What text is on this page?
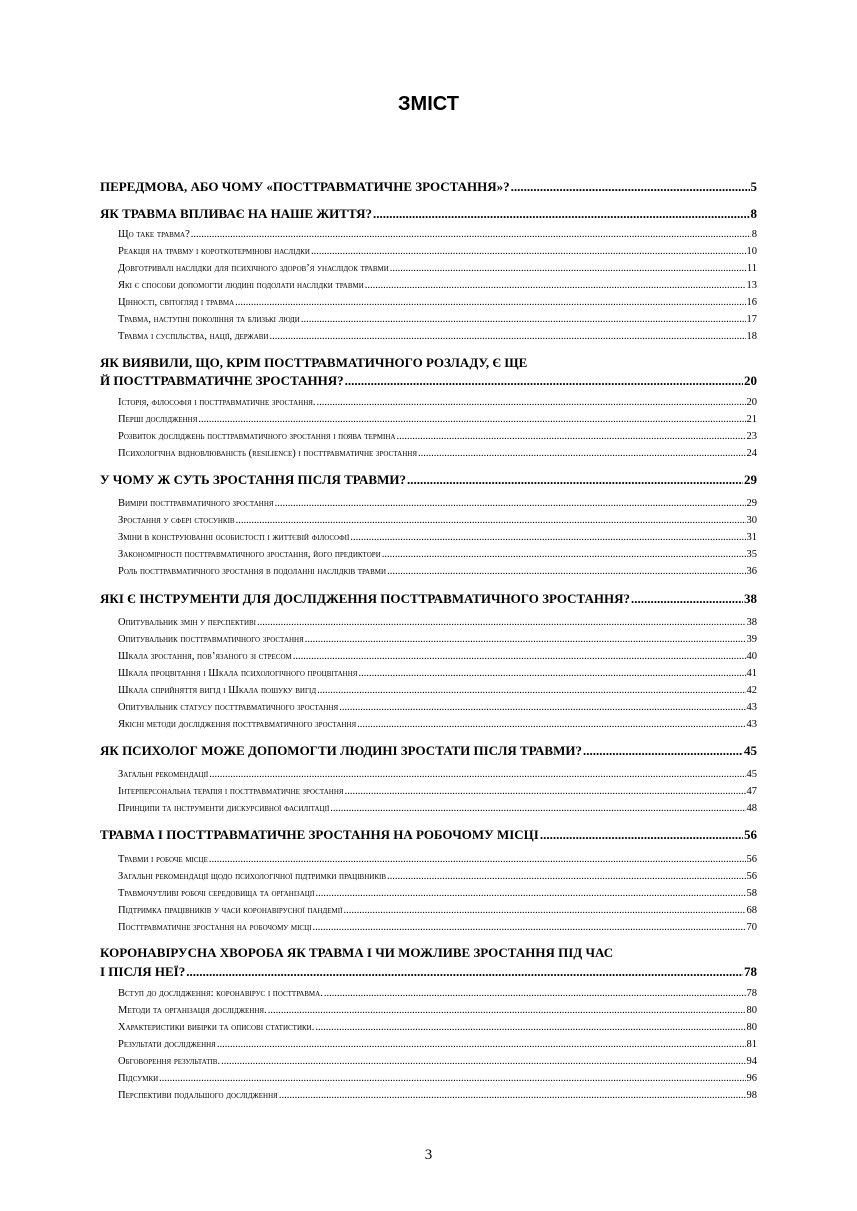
ЗМІСТ
ПЕРЕДМОВА, АБО ЧОМУ «ПОСТТРАВМАТИЧНЕ ЗРОСТАННЯ»? .....	5
ЯК ТРАВМА ВПЛИВАЄ НА НАШЕ ЖИТТЯ? .....	8
Що таке травма? .....	8
Реакція на травму і короткотермінові наслідки .....	10
Довготривалі наслідки для психічного здоров’я унаслідок травми .....	11
Які є способи допомогти людині подолати наслідки травми .....	13
Цінності, світогляд і травма .....	16
Травма, наступні покоління та близькі люди .....	17
Травма і суспільства, нації, держави .....	18
ЯК ВИЯВИЛИ, ЩО, КРІМ ПОСТТРАВМАТИЧНОГО РОЗЛАДУ, Є ЩЕ
Й ПОСТТРАВМАТИЧНЕ ЗРОСТАННЯ? .....	20
Історія, філософія і посттравматичне зростання. .....	20
Перші дослідження .....	21
Розвиток досліджень посттравматичного зростання і поява терміна .....	23
Психологічна відновлюваність (resilience) і посттравматичне зростання .....	24
У ЧОМУ Ж СУТЬ ЗРОСТАННЯ ПІСЛЯ ТРАВМИ? .....	29
Виміри посттравматичного зростання .....	29
Зростання у сфері стосунків .....	30
Зміни в конструюванні особистості і життєвій філософії .....	31
Закономірності посттравматичного зростання, його предиктори .....	35
Роль посттравматичного зростання в подоланні наслідків травми .....	36
ЯКІ Є ІНСТРУМЕНТИ ДЛЯ ДОСЛІДЖЕННЯ ПОСТТРАВМАТИЧНОГО ЗРОСТАННЯ? .....	38
Опитувальник змін у перспективі .....	38
Опитувальник посттравматичного зростання .....	39
Шкала зростання, пов’язаного зі стресом .....	40
Шкала процвітання і Шкала психологічного процвітання .....	41
Шкала сприйняття вигід і Шкала пошуку вигід .....	42
Опитувальник статусу посттравматичного зростання .....	43
Якісні методи дослідження посттравматичного зростання .....	43
ЯК ПСИХОЛОГ МОЖЕ ДОПОМОГТИ ЛЮДИНІ ЗРОСТАТИ ПІСЛЯ ТРАВМИ? .....	45
Загальні рекомендації .....	45
Інтерперсональна терапія і посттравматичне зростання .....	47
Принципи та інструменти дискурсивної фасилітації .....	48
ТРАВМА І ПОСТТРАВМАТИЧНЕ ЗРОСТАННЯ НА РОБОЧОМУ МІСЦІ .....	56
Травми і робоче місце .....	56
Загальні рекомендації щодо психологічної підтримки працівників .....	56
Травмочутливі робочі середовища та організації .....	58
Підтримка працівників у часи коронавірусної пандемії .....	68
Посттравматичне зростання на робочому місці .....	70
КОРОНАВІРУСНА ХВОРОБА ЯК ТРАВМА І ЧИ МОЖЛИВЕ ЗРОСТАННЯ ПІД ЧАС
І ПІСЛЯ НЕЇ? .....	78
Вступ до дослідження: коронавірус і посттравма. .....	78
Методи та організація дослідження. .....	80
Характеристики вибірки та описові статистики. .....	80
Результати дослідження .....	81
Обговорення результатів. .....	94
Підсумки .....	96
Перспективи подальшого дослідження .....	98
3
